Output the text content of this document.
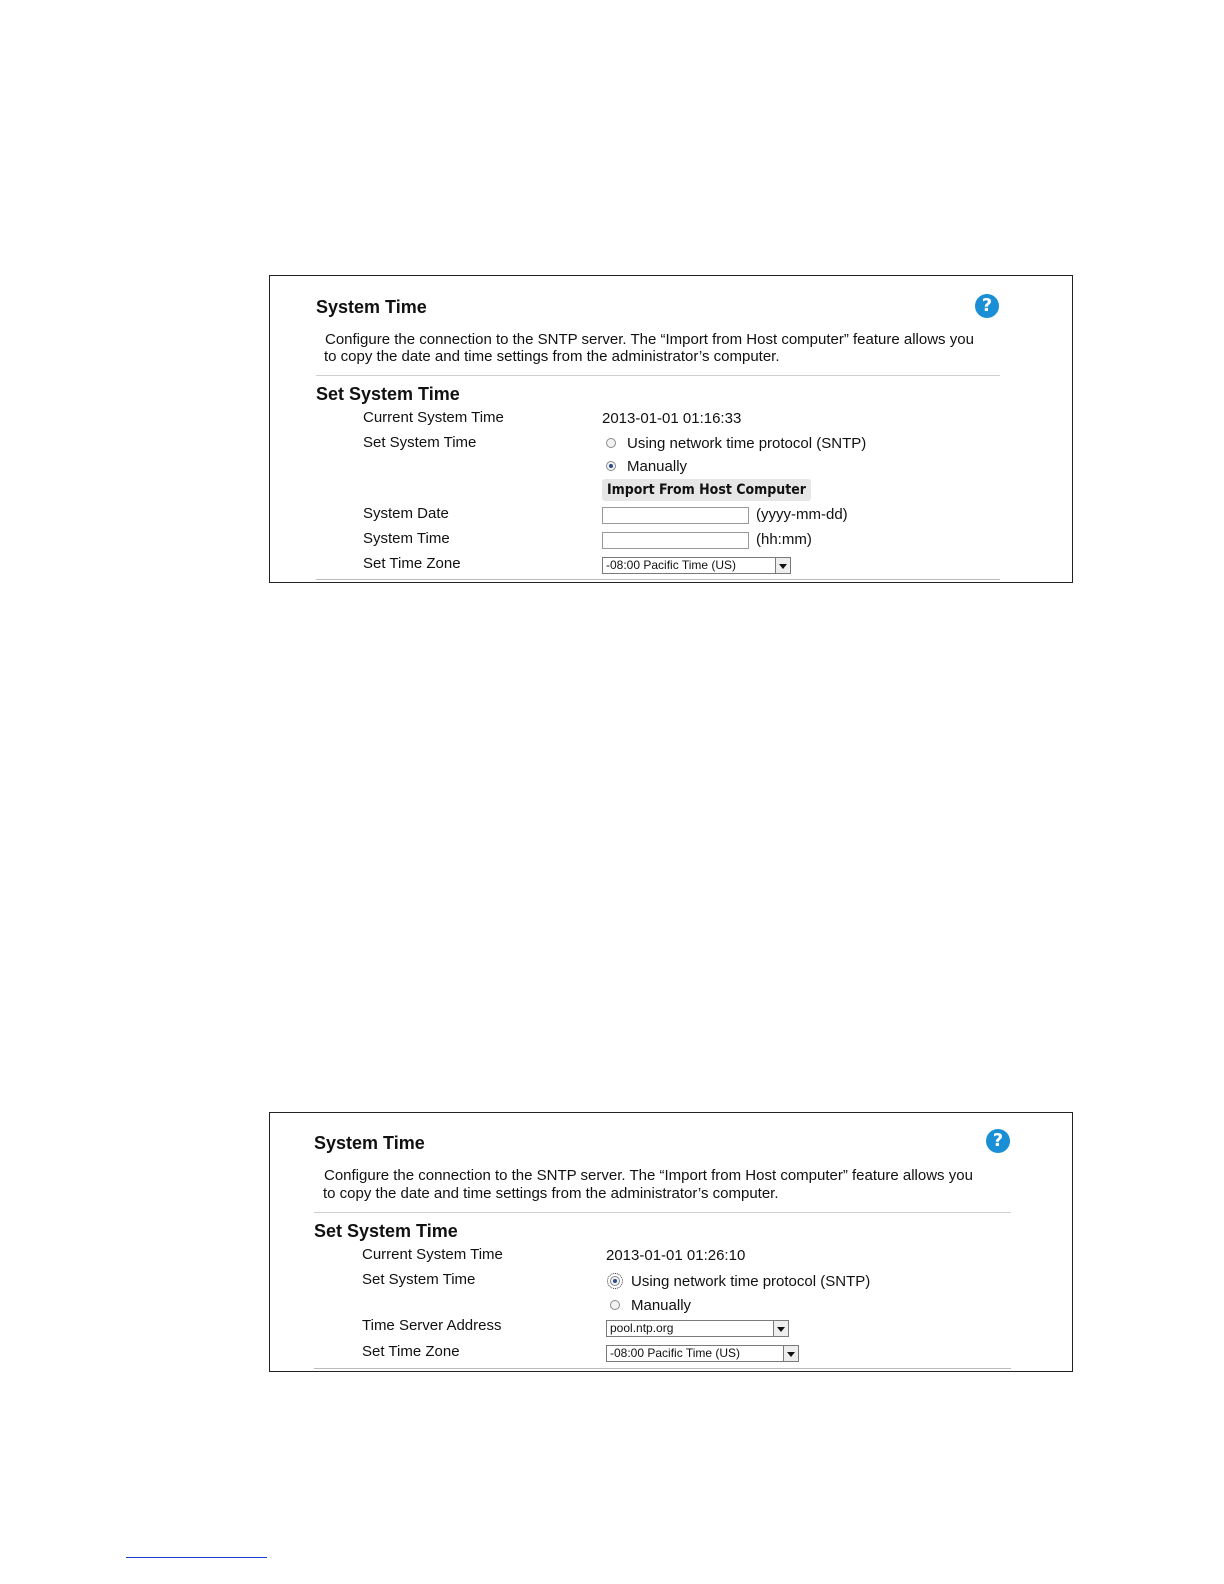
System Time	?
Configure the connection to the SNTP server. The “Import from Host computer” feature allows you
to copy the date and time settings from the administrator’s computer.
Set System Time
Current System Time	2013-01-01 01:16:33
Set System Time	Using network time protocol (SNTP)
Manually
Import From Host Computer
System Date	(yyyy-mm-dd)
System Time	(hh:mm)
Set Time Zone	-08:00 Pacific Time (US)
System Time	?
Configure the connection to the SNTP server. The “Import from Host computer” feature allows you
to copy the date and time settings from the administrator’s computer.
Set System Time
Current System Time	2013-01-01 01:26:10
Set System Time	Using network time protocol (SNTP)
Manually
Time Server Address	pool.ntp.org
Set Time Zone	-08:00 Pacific Time (US)
